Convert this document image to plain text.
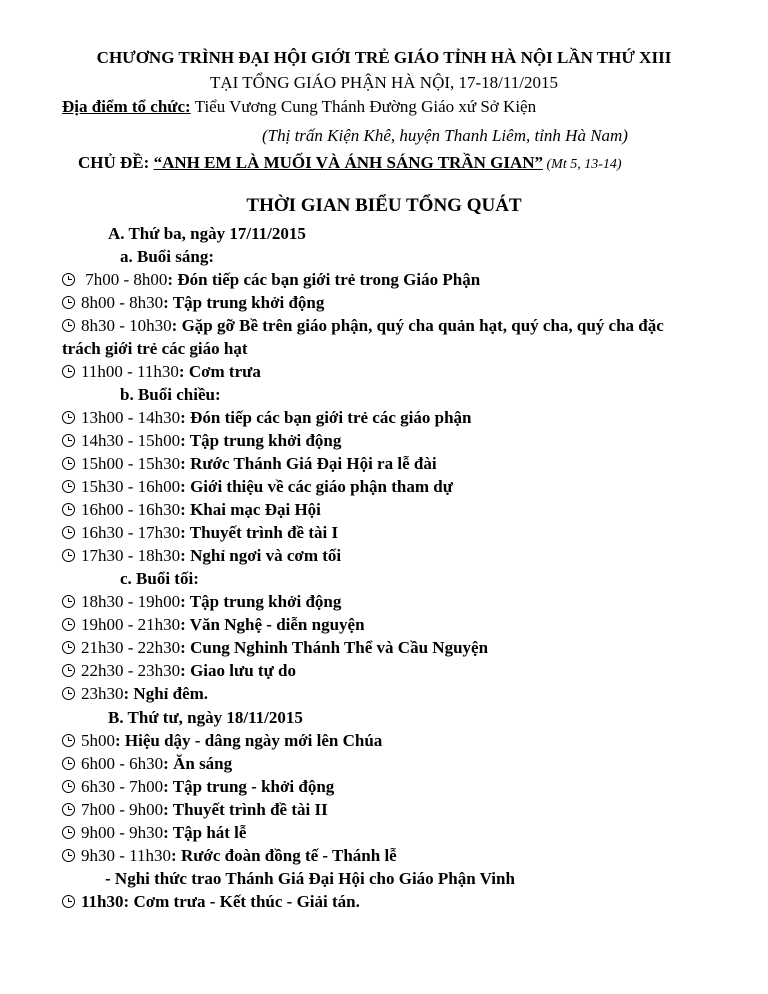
CHƯƠNG TRÌNH ĐẠI HỘI GIỚI TRẺ GIÁO TỈNH HÀ NỘI LẦN THỨ XIII
TẠI TỔNG GIÁO PHẬN HÀ NỘI, 17-18/11/2015
Địa điểm tổ chức: Tiểu Vương Cung Thánh Đường Giáo xứ Sở Kiện
(Thị trấn Kiện Khê, huyện Thanh Liêm, tỉnh Hà Nam)
CHỦ ĐỀ: “ANH EM LÀ MUỐI VÀ ÁNH SÁNG TRẦN GIAN” (Mt 5, 13-14)
THỜI GIAN BIỂU TỔNG QUÁT
A. Thứ ba, ngày 17/11/2015
a. Buổi sáng:
7h00 - 8h00: Đón tiếp các bạn giới trẻ trong Giáo Phận
8h00 - 8h30: Tập trung khởi động
8h30 - 10h30: Gặp gỡ Bề trên giáo phận, quý cha quản hạt, quý cha, quý cha đặc
trách giới trẻ các giáo hạt
11h00 - 11h30: Cơm trưa
b. Buổi chiều:
13h00 - 14h30: Đón tiếp các bạn giới trẻ các giáo phận
14h30 - 15h00: Tập trung khởi động
15h00 - 15h30: Rước Thánh Giá Đại Hội ra lễ đài
15h30 - 16h00: Giới thiệu về các giáo phận tham dự
16h00 - 16h30: Khai mạc Đại Hội
16h30 - 17h30: Thuyết trình đề tài I
17h30 - 18h30: Nghỉ ngơi và cơm tối
c. Buổi tối:
18h30 - 19h00: Tập trung khởi động
19h00 - 21h30: Văn Nghệ - diễn nguyện
21h30 - 22h30: Cung Nghinh Thánh Thể và Cầu Nguyện
22h30 - 23h30: Giao lưu tự do
23h30: Nghỉ đêm.
B. Thứ tư, ngày 18/11/2015
5h00: Hiệu dậy - dâng ngày mới lên Chúa
6h00 - 6h30: Ăn sáng
6h30 - 7h00: Tập trung - khởi động
7h00 - 9h00: Thuyết trình đề tài II
9h00 - 9h30: Tập hát lễ
9h30 - 11h30: Rước đoàn đồng tế - Thánh lễ
- Nghi thức trao Thánh Giá Đại Hội cho Giáo Phận Vinh
11h30: Cơm trưa - Kết thúc - Giải tán.
